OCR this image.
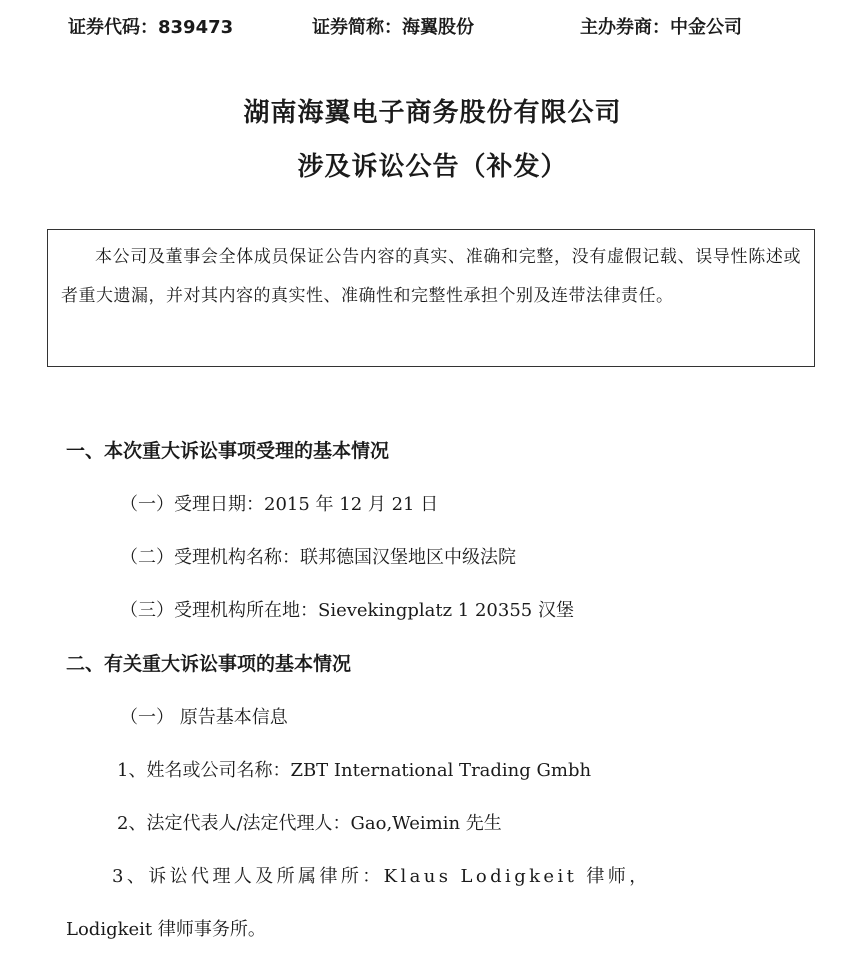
证券代码：839473	证券简称：海翼股份	主办券商：中金公司
湖南海翼电子商务股份有限公司
涉及诉讼公告（补发）

本公司及董事会全体成员保证公告内容的真实、准确和完整，没有虚假记载、误导性陈述或者重大遗漏，并对其内容的真实性、准确性和完整性承担个别及连带法律责任。

一、本次重大诉讼事项受理的基本情况
（一）受理日期：2015 年 12 月 21 日
（二）受理机构名称：联邦德国汉堡地区中级法院
（三）受理机构所在地：Sievekingplatz 1 20355 汉堡
二、有关重大诉讼事项的基本情况
（一） 原告基本信息
1、姓名或公司名称：ZBT International Trading Gmbh
2、法定代表人/法定代理人：Gao,Weimin 先生
3、诉讼代理人及所属律所：Klaus Lodigkeit 律师，
Lodigkeit 律师事务所。
